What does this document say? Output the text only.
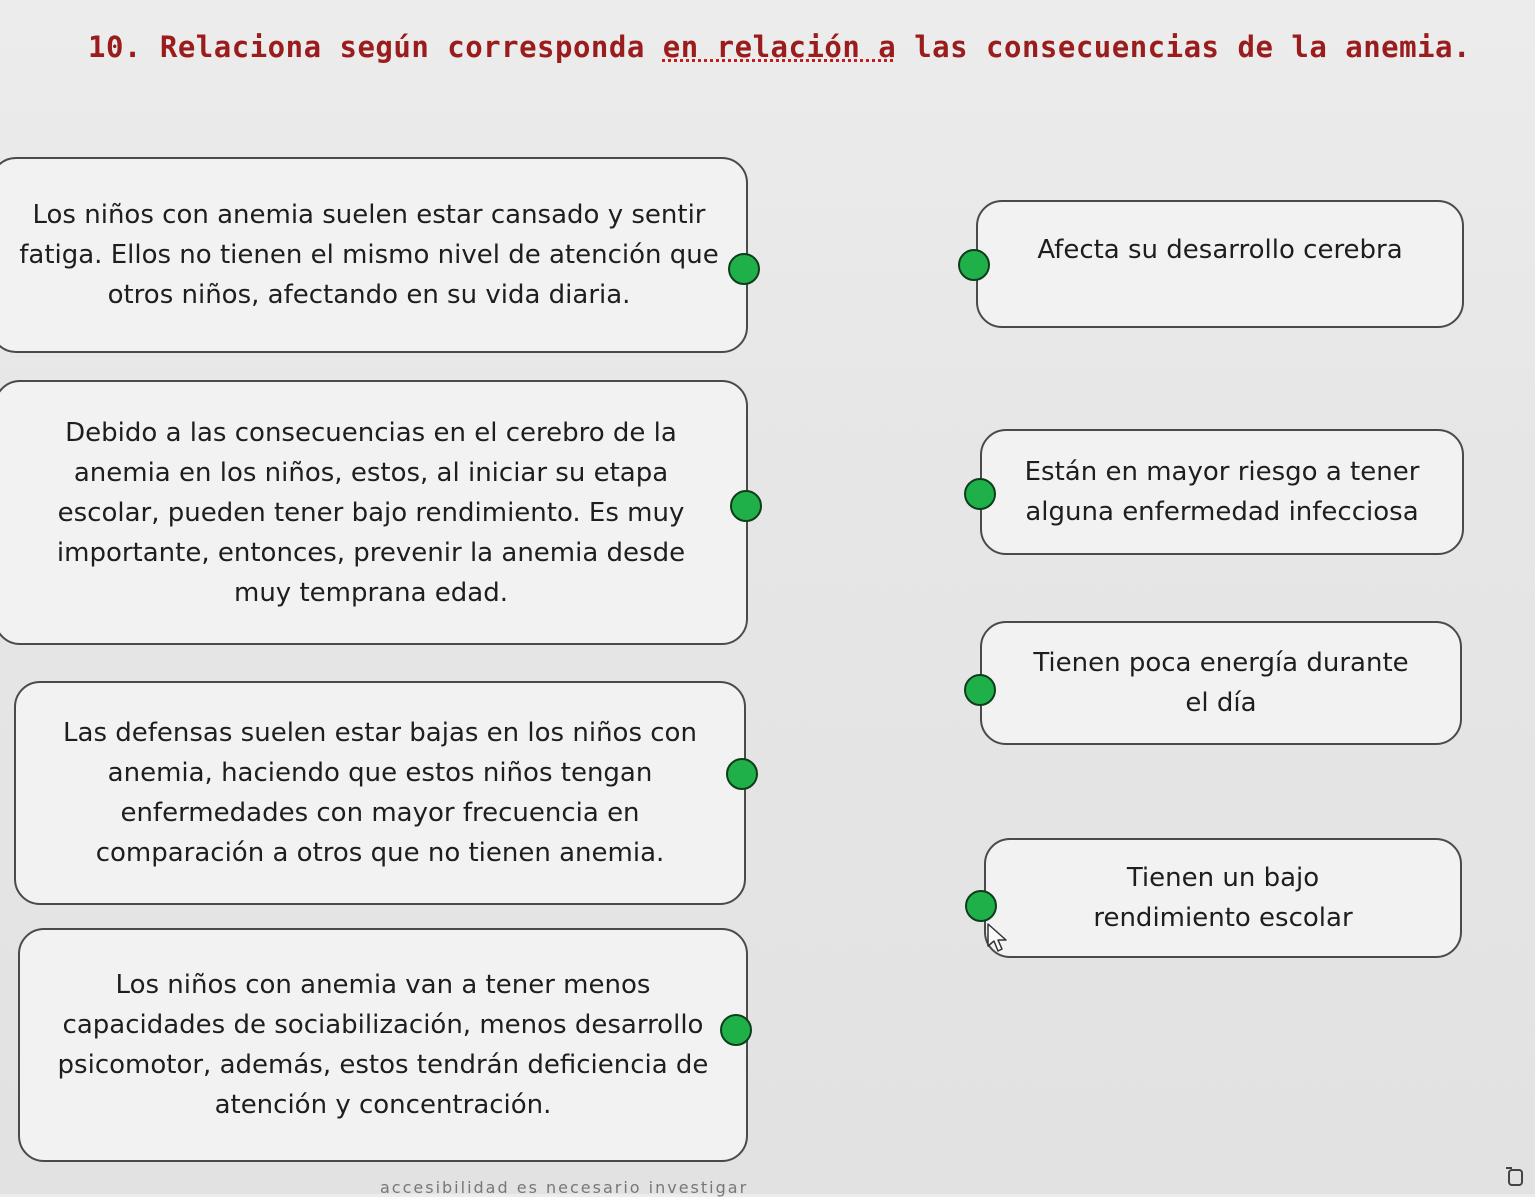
10. Relaciona según corresponda en relación a las consecuencias de la anemia.
Los niños con anemia suelen estar cansado y sentir fatiga. Ellos no tienen el mismo nivel de atención que otros niños, afectando en su vida diaria.
Debido a las consecuencias en el cerebro de la anemia en los niños, estos, al iniciar su etapa escolar, pueden tener bajo rendimiento. Es muy importante, entonces, prevenir la anemia desde muy temprana edad.
Las defensas suelen estar bajas en los niños con anemia, haciendo que estos niños tengan enfermedades con mayor frecuencia en comparación a otros que no tienen anemia.
Los niños con anemia van a tener menos capacidades de sociabilización, menos desarrollo psicomotor, además, estos tendrán deficiencia de atención y concentración.
Afecta su desarrollo cerebra
Están en mayor riesgo a tener alguna enfermedad infecciosa
Tienen poca energía durante el día
Tienen un bajo rendimiento escolar
accesibilidad es necesario investigar
